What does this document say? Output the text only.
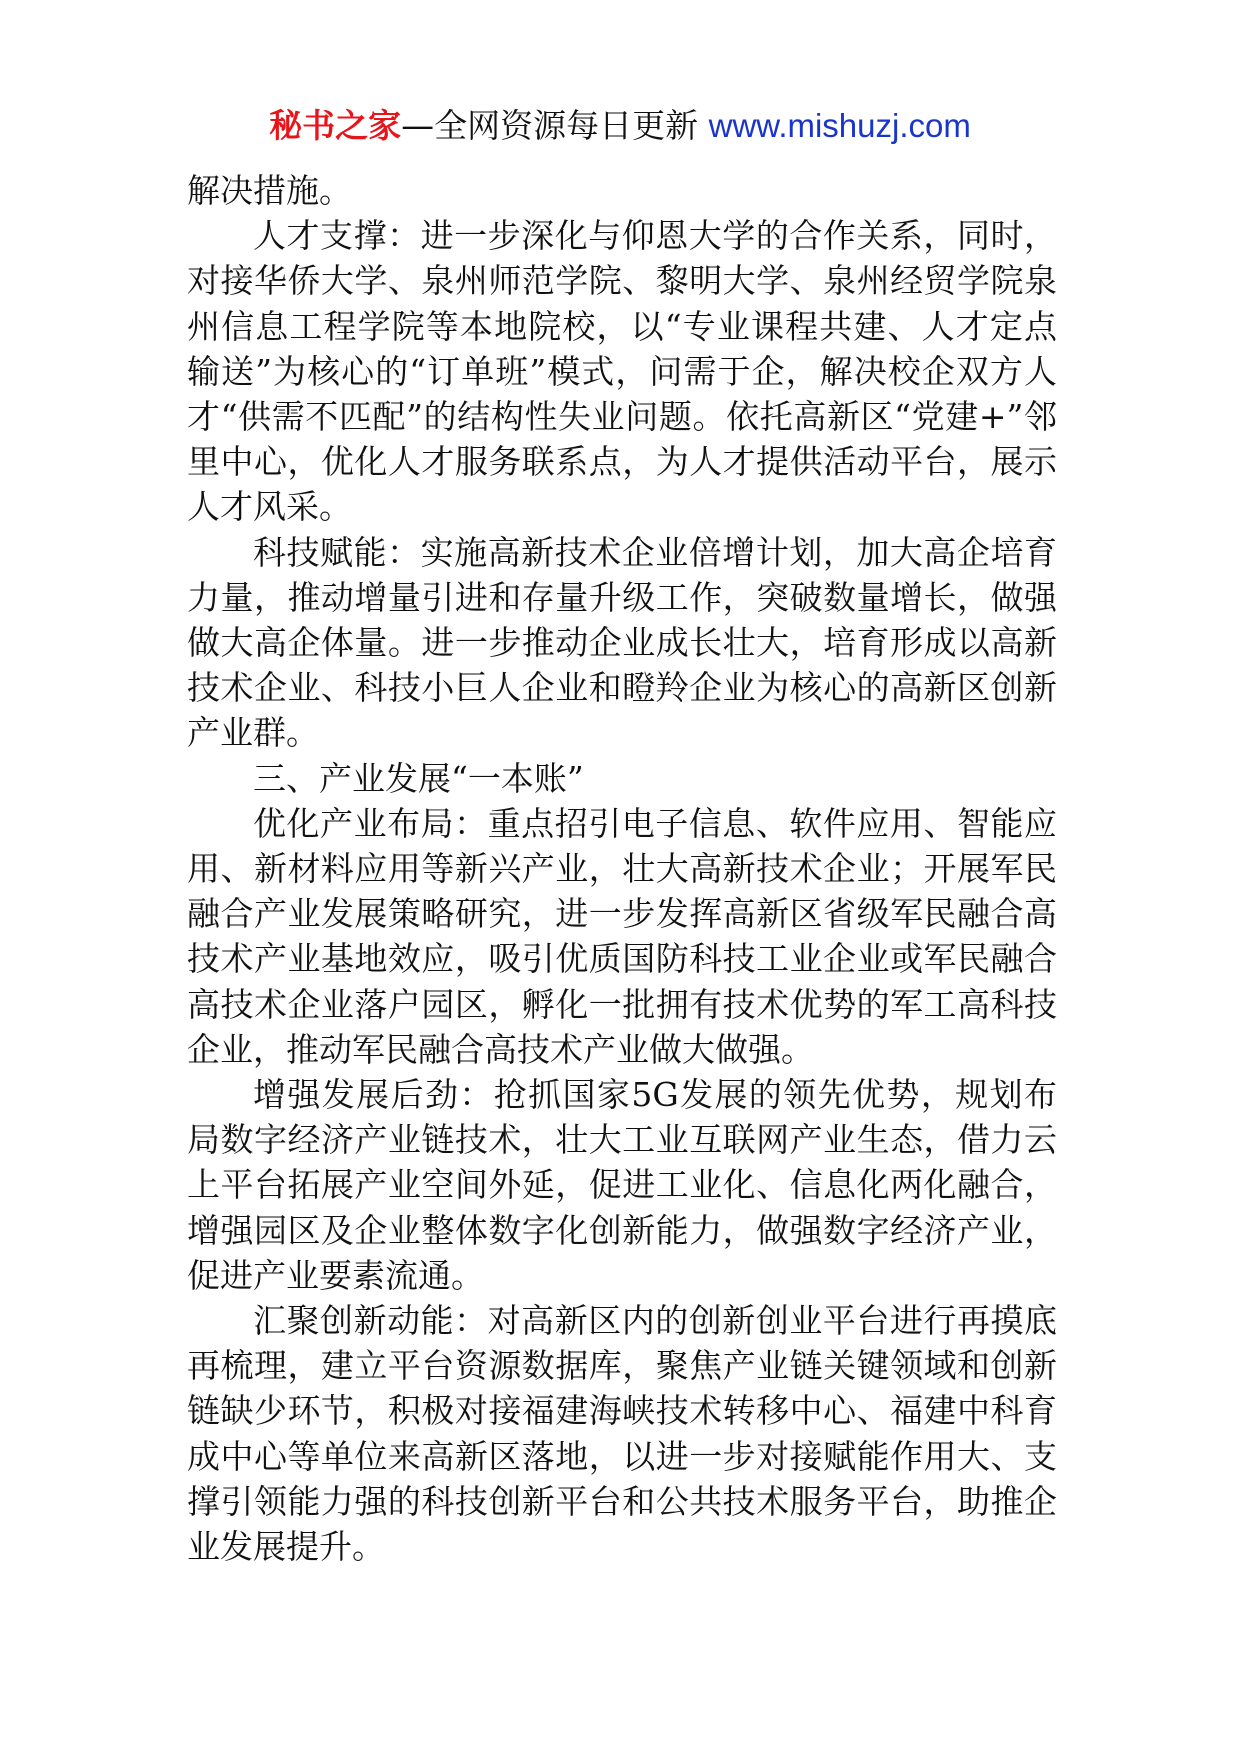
秘书之家—全网资源每日更新 www.mishuzj.com

解决措施。

人才支撑：进一步深化与仰恩大学的合作关系，同时，对接华侨大学、泉州师范学院、黎明大学、泉州经贸学院泉州信息工程学院等本地院校，以“专业课程共建、人才定点输送”为核心的“订单班”模式，问需于企，解决校企双方人才“供需不匹配”的结构性失业问题。依托高新区“党建+”邻里中心，优化人才服务联系点，为人才提供活动平台，展示人才风采。

科技赋能：实施高新技术企业倍增计划，加大高企培育力量，推动增量引进和存量升级工作，突破数量增长，做强做大高企体量。进一步推动企业成长壮大，培育形成以高新技术企业、科技小巨人企业和瞪羚企业为核心的高新区创新产业群。

三、产业发展“一本账”

优化产业布局：重点招引电子信息、软件应用、智能应用、新材料应用等新兴产业，壮大高新技术企业；开展军民融合产业发展策略研究，进一步发挥高新区省级军民融合高技术产业基地效应，吸引优质国防科技工业企业或军民融合高技术企业落户园区，孵化一批拥有技术优势的军工高科技企业，推动军民融合高技术产业做大做强。

增强发展后劲：抢抓国家5G发展的领先优势，规划布局数字经济产业链技术，壮大工业互联网产业生态，借力云上平台拓展产业空间外延，促进工业化、信息化两化融合，增强园区及企业整体数字化创新能力，做强数字经济产业，促进产业要素流通。

汇聚创新动能：对高新区内的创新创业平台进行再摸底再梳理，建立平台资源数据库，聚焦产业链关键领域和创新链缺少环节，积极对接福建海峡技术转移中心、福建中科育成中心等单位来高新区落地，以进一步对接赋能作用大、支撑引领能力强的科技创新平台和公共技术服务平台，助推企业发展提升。
